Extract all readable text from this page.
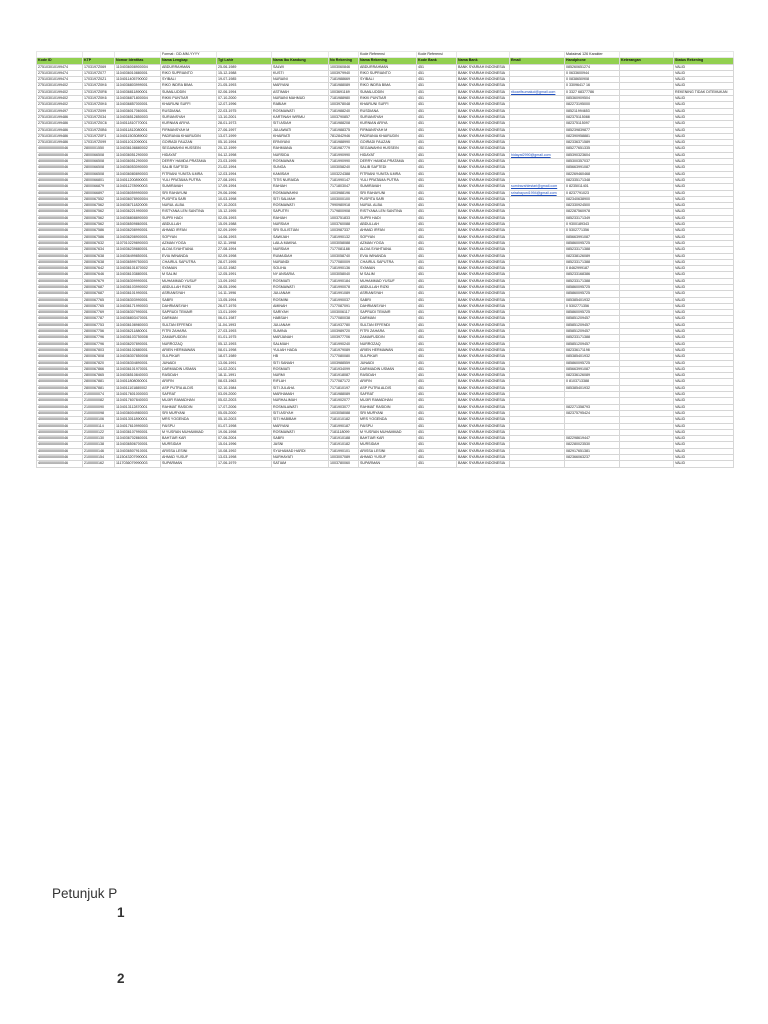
			Format : DD-MM-YYYY				Kode Referensi	Kode Referensi			Maksimal 126 Karakter		
Kode ID	KTP	Nomor Identitas	Nama Lengkap	Tgl Lahir	Nama Ibu Kandung	No Rekening	Nama Rekening	Kode Bank	Nama Bank	Email	Handphone	Keterangan	Status Rekening
275103010199474	1703197Z069	1104036008900004	ABDURRAHMAN	25-06-1989	SALWI	1003060846	ABDURRAHMAN	451	BANK SYARIAH INDONESIA		085260651274		VALID
275103010199474	1703197Z077	1104036010880001	RIKO SUPRIANTO	15-12-1988	KUSTI	1003979940	RIKO SUPRIANTO	451	BANK SYARIAH INDONESIA		0 0633600944		VALID
275103010199474	1703197Z0Z1	1104011405790002	SYIBALI	19-07-1985	NURAINI	7181988669	SYIBALI	451	BANK SYARIAH INDONESIA		0 0838650908		VALID
275103010199402	1703197Z0K6	1104036803999001	RIKO INDRA BIMA	21-05-1993	MARYANI	7181988089	RIKO INDRA BIMA	451	BANK SYARIAH INDONESIA		0 33096417 16		VALID
275103010199402	1703197Z0R6	1104036811890001	SUMALUDDIN	02-06-1994	ASTIMAH	1003691169	SUMALUDDIN	451	BANK SYARIAH INDONESIA	rikoarifsumalud@gmail.com	0 3327 68377786		REKENING TIDAK DITEMUKAN
275103010199402	1703197Z0K6	1104036871800004	RIKKI PUNTIAR	07-10-2000	NURAINI MAHMUD	7181988980	RIKKI PUNTIAR	451	BANK SYARIAH INDONESIA		085360909504		VALID
275103010199402	1703197Z0K6	1104036857000001	KHAIRUNI SUFFI	12-07-1996	RABIAH	1003978048	KHAIRUNI SUFFI	451	BANK SYARIAH INDONESIA		082273195000		VALID
275103010199497	1703197Z099	1104036017060001	RUSDIANA	22-03-1975	ROSMAWATI	7181988240	RUSDIANA	451	BANK SYARIAH INDONESIA		085211994653		VALID
275103010199486	1703197Z034	1104036512850003	SURIANSYAH	13-10-2001	KARTINAH WIRMU	1003790857	SURIANSYAH	451	BANK SYARIAH INDONESIA		082375115088		VALID
275103010199486	1703197Z0C6	1104011810770001	KURNIAN ARIYA	28-01-1973	SITI ASIAH	7181988208	KURNIAN ARIYA	451	BANK SYARIAH INDONESIA		082375115097		VALID
275103010199486	1703197Z0B6	1104011812080001	FIRMANSYAH M	27-06-1997	JULIAWATI	7181988375	FIRMANSYAH M	451	BANK SYARIAH INDONESIA		085239839877		VALID
275103010199486	1703197Z0F1	1104011503089002	PADRANIA KHAIRUDIN	13-07-1999	KHAIRIATI	7812842946	PADRANIA KHAIRUDIN	451	BANK SYARIAH INDONESIA		082390958881		VALID
275103010199486	1703197Z099	1104011012090001	GOIRADI FAUZAN	05-10-1994	ERNIYANI	7181988990	GOIRADI FAUZAN	451	BANK SYARIAH INDONESIA		082336371589		VALID
400000000000046	2800001550	1104036108880002	SEGAWAHNI HUSSEIN	20-12-1999	RAHMIANA	7181987779	SEGAWAHNI HUSSEIN	451	BANK SYARIAH INDONESIA		085277651335		VALID
400000000000046	2800066508	1104036051290000	HIDAYAT	04-12-1998	NURSIDA	7181990990	HIDAYAT	451	BANK SYARIAH INDONESIA	hidayat2990@gmail.com	085390323604		VALID
400000000000046	2800066508	1104036051290000	DERRY HAMDA PRATAMA	23-03-1995	ROSMAWAN	7181990990	DERRY HAMDA PRATAMA	451	BANK SYARIAH INDONESIA		085300357037		VALID
400000000000046	2800066508	1104036053090000	SALIB SAFTEDI	21-02-1994	SUNGA	1003058240	SALIB SAFTEDI	451	BANK SYARIAH INDONESIA		085663991087		VALID
400000000000046	2800066508	1104036080890003	FITRIANI YUNITA ILMRA	12-03-1994	KAMISAH	1003224388	FITRIANI YUNITA ILMRA	451	BANK SYARIAH INDONESIA		082269460468		VALID
400000000000046	2800066801	1104011200890003	YULI PRATAMA PUTRA	27-08-1991	TITIS NURAIDA	7181990147	YULI PRATAMA PUTRA	451	BANK SYARIAH INDONESIA		082335171348		VALID
400000000000046	2800066879	1104011278990003	SUMIRAVAH	17-09-1994	RAHIAH	7171803047	SUMIRAVAH	451	BANK SYARIAH INDONESIA	sumiravahlestari@gmail.com	0 8235011401		VALID
400000000000046	2800066897	1104036059990000	SRI RAHAYUNI	29-06-1996	ROSMAWAHNI	1003988196	SRI RAHAYUNI	451	BANK SYARIAH INDONESIA	srirahayuni1994@gmail.com	0 8237791023		VALID
400000000000046	2800067552	1104036078900004	PUSPITA SARI	10-03-1998	SITI SALMAH	1003000100	PUSPITA SARI	451	BANK SYARIAH INDONESIA		082340638900		VALID
400000000000046	2800067562	1104036711820005	NURUL ALBA	07-10-2003	ROSMAWATI	7990980918	NURUL ALBA	451	BANK SYARIAH INDONESIA		082330924500		VALID
400000000000046	2800067562	1104036221990000	RISTYANA LEN SANTINA	15-12-1995	SAPUTRI	7179800908	RISTYANA LEN SANTINA	451	BANK SYARIAH INDONESIA		082287560978		VALID
400000000000046	2800067562	1104036808890000	SUPRI HADI	02-05-1993	RAHIAH	1003751833	SUPRI HADI	451	BANK SYARIAH INDONESIA		085233171349		VALID
400000000000046	2800067562	1104036509860001	ABDULLAH	15-09-1988	NURSIAH	1003760088	ABDULLAH	451	BANK SYARIAH INDONESIA		0 9300189343		VALID
400000000000046	2800067586	1104036208990001	AHMAD IRFAN	02-09-1999	SRI SULISTIAN	1003987337	AHMAD IRFAN	451	BANK SYARIAH INDONESIA		0 5302771356		VALID
400000000000046	2800067586	1104036208900001	SOPYAN	14-06-1993	SAWIJAH	7181990132	SOPYAN	451	BANK SYARIAH INDONESIA		085663991087		VALID
400000000000046	2800067632	1107010229890003	AZMAN YOGA	02-11-1998	LAILA MAKNA	1003058088	AZMAN YOGA	451	BANK SYARIAH INDONESIA		085860095725		VALID
400000000000046	2800067634	1104036239880001	ALDIA SYAHTIANA	27-08-1994	NURSIAH	7177081188	ALDIA SYAHTIANA	451	BANK SYARIAH INDONESIA		085233171388		VALID
400000000000046	2800067638	1104036499850001	EVIA WINANDA	02-09-1998	RUMAIDAH	1003058740	EVIA WINANDA	451	BANK SYARIAH INDONESIA		082338126089		VALID
400000000000046	2800067638	1104036599750003	CHAIRUL SAPUTRA	28-07-1995	NURANDI	7177080009	CHAIRUL SAPUTRA	451	BANK SYARIAH INDONESIA		085233171388		VALID
400000000000046	2800067642	1104036101870002	SYAMAN	10-02-1982	SOLIHA	7181990136	SYAMAN	451	BANK SYARIAH INDONESIA		0 8462999187		VALID
400000000000046	2800067646	1104036103880001	M SALIM	12-05-1991	NY ANSARIA	1003058040	M SALIM	451	BANK SYARIAH INDONESIA		085233168386		VALID
400000000000046	2800067679	1104036309990001	MUHAMMAD YUSUF	13-09-1992	ROSMIATI	7181990184	MUHAMMAD YUSUF	451	BANK SYARIAH INDONESIA		085233171388		VALID
400000000000046	2800067687	1104036103990002	ABDULLAH RIZKI	28-05-1996	ROSMAWATI	7181990078	ABDULLAH RIZKI	451	BANK SYARIAH INDONESIA		085860095725		VALID
400000000000046	2800067687	1104036101990001	ASRIANSYAH	14-11-1996	JULIANAH	7181991089	ASRIANSYAH	451	BANK SYARIAH INDONESIA		085860095725		VALID
400000000000046	2800067765	1104036303990001	SABRI	13-05-1994	ROSMINI	7181990037	SABRI	451	BANK SYARIAH INDONESIA		085385401932		VALID
400000000000046	2800067765	1104036171990003	DAHRIANSYAH	26-07-1976	AMINAH	7177087091	DAHRIANSYAH	451	BANK SYARIAH INDONESIA		0 5302771356		VALID
400000000000046	2800067769	1104036307990001	SAPRUDI TEMAIR	13-01-1999	SARIYAH	1003006117	SAPRUDI TEMAIR	451	BANK SYARIAH INDONESIA		085860095725		VALID
400000000000046	2800067787	1104036803470001	DARMAN	06-01-1987	HABSAH	7177080038	DARMAN	451	BANK SYARIAH INDONESIA		085851209457		VALID
400000000000046	2800067753	1104036108980003	SULTAN EFFENDI	11-04-1993	JULIANAH	7181937780	SULTAN EFFENDI	451	BANK SYARIAH INDONESIA		085851209457		VALID
400000000000046	2800067756	1104036211880001	FITRI ZAHARA	27-03-1993	SUMINA	1003989720	FITRI ZAHARA	451	BANK SYARIAH INDONESIA		085851209457		VALID
400000000000046	2800067796	1104036103750008	ZAMAIFUDDIN	01-01-1975	MARJANAH	1003977706	ZAMAIFUDDIN	451	BANK SYARIAH INDONESIA		085233171388		VALID
400000000000046	2800067796	1104036207890001	NURROZAQ	05-12-1993	SALMIAH	7181990240	NURROZAQ	451	BANK SYARIAH INDONESIA		085851209457		VALID
400000000000046	2800067803	1104036102880001	ARIEN HERMAWAN	08-01-1998	YULIAH HADA	7181979089	ARIEN HERMAWAN	451	BANK SYARIAH INDONESIA		082336171198		VALID
400000000000046	2800067808	1104036307850008	SULPIKAR	18-07-1989	HB	7177080080	SULPIKAR	451	BANK SYARIAH INDONESIA		085385401932		VALID
400000000000046	2800067820	1104036304890001	JUNAIDI	13-06-1991	SITI SANIAH	1003988559	JUNAIDI	451	BANK SYARIAH INDONESIA		085860095725		VALID
400000000000046	2800067866	1104036101970001	DARMIADIN USMAN	14-02-2001	ROSMIATI	7181934099	DARMIADIN USMAN	451	BANK SYARIAH INDONESIA		085663991087		VALID
400000000000046	2800067865	1104036510840003	RASIDAH	18-11-1991	NURMI	7181918087	RASIDAH	451	BANK SYARIAH INDONESIA		082336126089		VALID
400000000000046	2800067881	1104011808050001	ARIFIN	08-03-1963	RIFLAH	7177087172	ARIFIN	451	BANK SYARIAH INDONESIA		0 8103713388		VALID
400000000000046	2800067881	1104011101880002	ASP PUTRA ALDIS	02-10-1984	SITI JULAHA	7171810197	ASP PUTRA ALDIS	451	BANK SYARIAH INDONESIA		085385401932		VALID
400000000000046	2100000074	1104017601000003	SAFRAT	03-09-2000	MARHAMAH	7181988089	SAFRAT	451	BANK SYARIAH INDONESIA				VALID
400000000000046	2100000082	1104017607840003	MUJIR RAMADHAN	05-02-2003	NURHALIMAH	7181902077	MUJIR RAMADHAN	451	BANK SYARIAH INDONESIA				VALID
400000000000046	2100000090	1104013112870001	RAHMAT RASIDIN	17-07-2006	ROSMILAWATI	7181903077	RAHMAT RASIDIN	451	BANK SYARIAH INDONESIA		082271358793		VALID
400000000000046	2100000098	1104036004980003	SRI MURYANI	05-05-2000	SITI ASIYAH	1003058088	SRI MURYANI	451	BANK SYARIAH INDONESIA		082375795424		VALID
400000000000046	2100000106	1104013011890001	MRS YOGENDA	05-10-2003	SITI HABIBAH	7181010182	MRS YOGENDA	451	BANK SYARIAH INDONESIA				VALID
400000000000046	2100000114	1104017610990003	FAISPU	01-07-1998	MARYANI	7181990187	FAISPU	451	BANK SYARIAH INDONESIA				VALID
400000000000046	2100000122	1104036107990001	M YUSRAN MUHAMMAD	19-06-1998	ROSMAWATI	7181118099	M YUSRAN MUHAMMAD	451	BANK SYARIAH INDONESIA				VALID
400000000000046	2100000130	1104036702860001	BAHTIAR KAR	07-06-2004	SABRI	7181910188	BAHTIAR KAR	451	BANK SYARIAH INDONESIA		082298619447		VALID
400000000000046	2100000138	1104036506700001	MURSIDAH	15-04-1996	JASNI	7181910182	MURSIDAH	451	BANK SYARIAH INDONESIA		082280023530		VALID
400000000000046	2100000146	1104036507910001	ARISSA LESINI	10-08-1992	SYUHAMAD HARDI	7181990101	ARISSA LESINI	451	BANK SYARIAH INDONESIA		082917651381		VALID
400000000000046	2100000154	1115043207990001	AHMAD YUSUF	13-03-1998	NURHAYATI	1003007089	AHMAD YUSUF	451	BANK SYARIAH INDONESIA		082366063237		VALID
400000000000046	2100000162	1117036079990003	SUPARMAN	17-06-1979	SATIAM	1003780060	SUPARMAN	451	BANK SYARIAH INDONESIA				VALID
Petunjuk P
1
2
